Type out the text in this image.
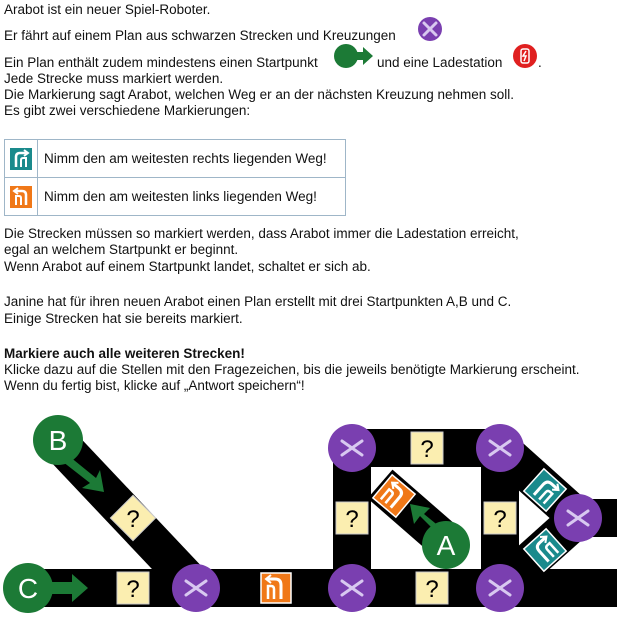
Arabot ist ein neuer Spiel-Roboter.

Er fährt auf einem Plan aus schwarzen Strecken und Kreuzungen

Ein Plan enthält zudem mindestens einen Startpunkt	und eine Ladestation	.

Jede Strecke muss markiert werden.

Die Markierung sagt Arabot, welchen Weg er an der nächsten Kreuzung nehmen soll.

Es gibt zwei verschiedene Markierungen:

	Nimm den am weitesten rechts liegenden Weg!
	Nimm den am weitesten links liegenden Weg!

Die Strecken müssen so markiert werden, dass Arabot immer die Ladestation erreicht,

egal an welchem Startpunkt er beginnt.

Wenn Arabot auf einem Startpunkt landet, schaltet er sich ab.

Janine hat für ihren neuen Arabot einen Plan erstellt mit drei Startpunkten A,B und C.

Einige Strecken hat sie bereits markiert.

Markiere auch alle weiteren Strecken!

Klicke dazu auf die Stellen mit den Fragezeichen, bis die jeweils benötigte Markierung erscheint.

Wenn du fertig bist, klicke auf „Antwort speichern“!

?
?
?
?
?
?
B
C
A
